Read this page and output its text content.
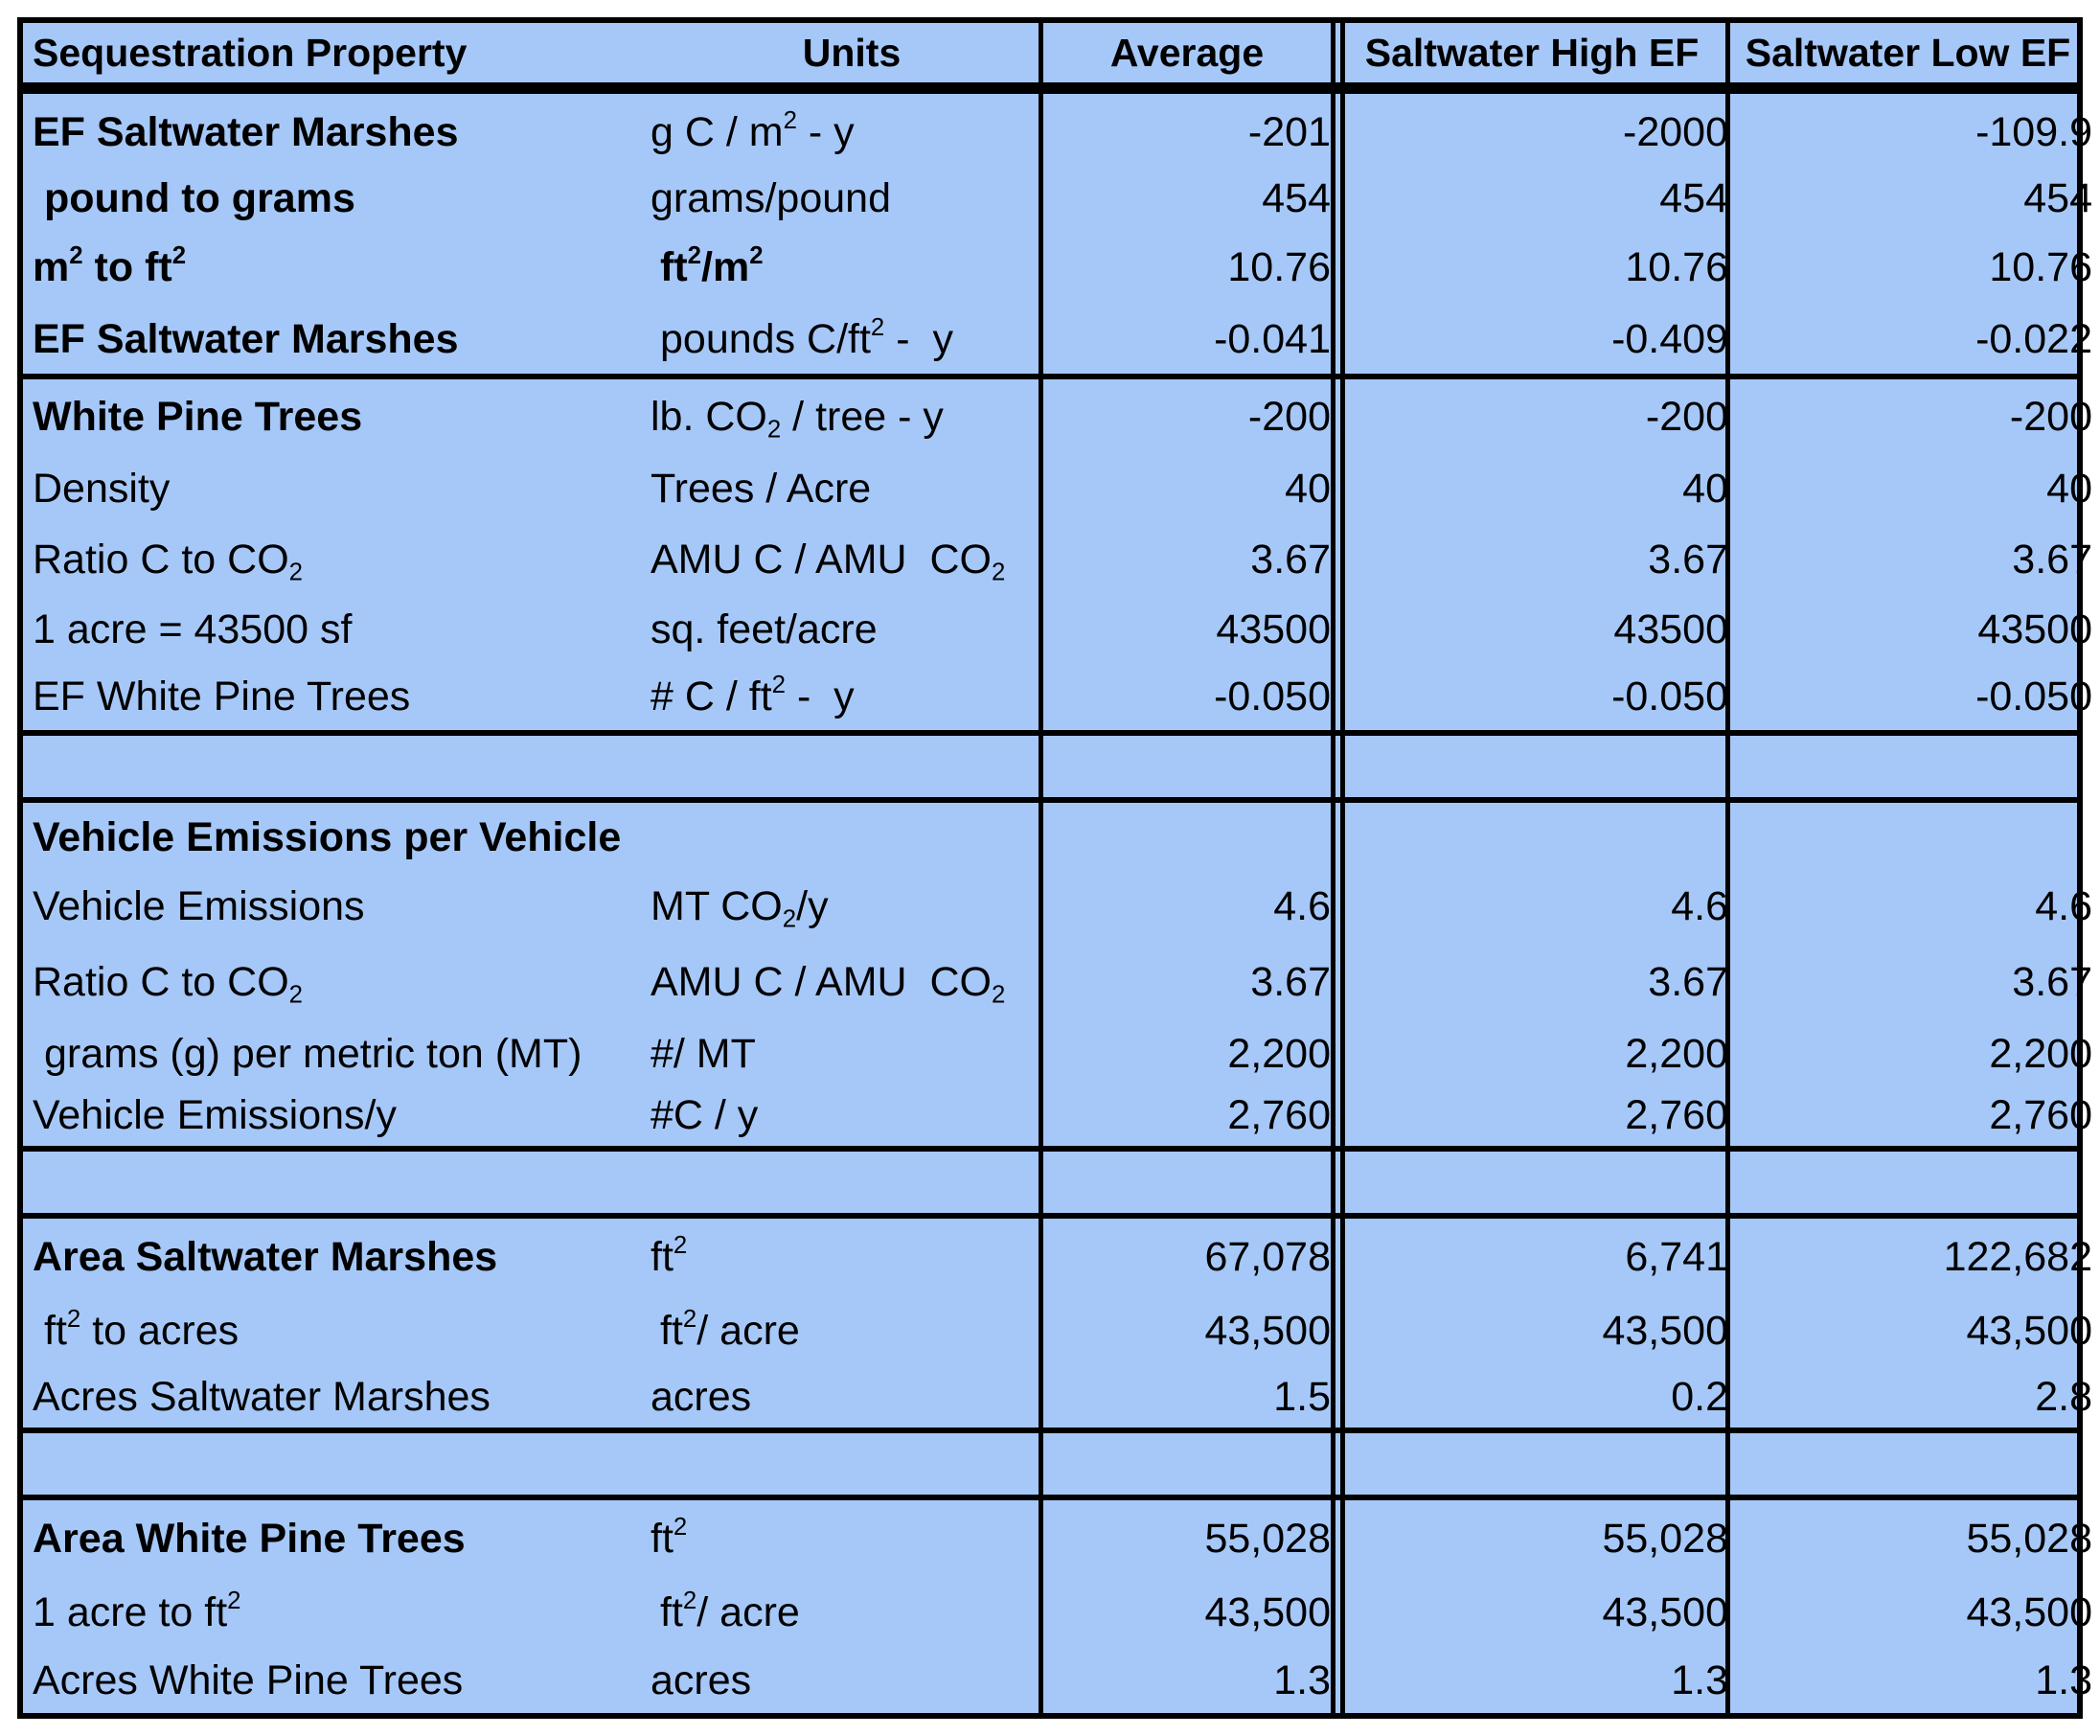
Sequestration Property	Units	Average	Saltwater High EF	Saltwater Low EF
EF Saltwater Marshes	g C / $m^2$ - y	-201	-2000	-109.9
pound to grams	grams/pound	454	454	454
$m^2$ to $ft^2$	$ft^2/m^2$	10.76	10.76	10.76
EF Saltwater Marshes	pounds $C/ft^2$ -  y	-0.041	-0.409	-0.022
White Pine Trees	lb. $CO_2$ / tree - y	-200	-200	-200
Density	Trees / Acre	40	40	40
Ratio C to $CO_2$	AMU C / AMU  $CO_2$	3.67	3.67	3.67
1 acre = 43500 sf	sq. feet/acre	43500	43500	43500
EF White Pine Trees	# C / $ft^2$ -  y	-0.050	-0.050	-0.050
Vehicle Emissions per Vehicle
Vehicle Emissions	MT $CO_2/y$	4.6	4.6	4.6
Ratio C to $CO_2$	AMU C / AMU  $CO_2$	3.67	3.67	3.67
grams (g) per metric ton (MT)	#/ MT	2,200	2,200	2,200
Vehicle Emissions/y	#C / y	2,760	2,760	2,760
Area Saltwater Marshes	$ft^2$	67,078	6,741	122,682
$ft^2$ to acres	$ft^2/$ acre	43,500	43,500	43,500
Acres Saltwater Marshes	acres	1.5	0.2	2.8
Area White Pine Trees	$ft^2$	55,028	55,028	55,028
1 acre to $ft^2$	$ft^2/$ acre	43,500	43,500	43,500
Acres White Pine Trees	acres	1.3	1.3	1.3
